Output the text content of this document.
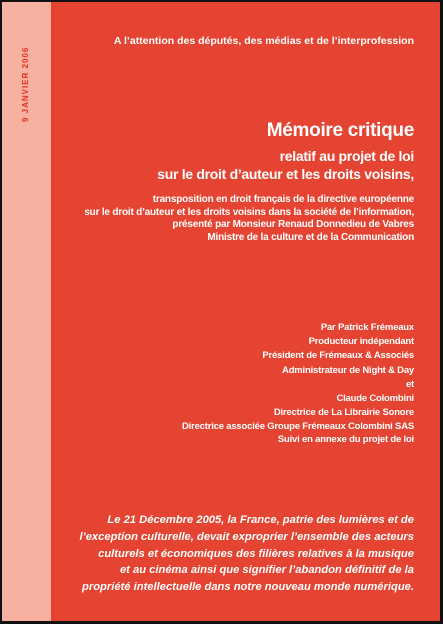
9 JANVIER 2006
A l’attention des députés, des médias et de l’interprofession
Mémoire critique
relatif au projet de loi
sur le droit d’auteur et les droits voisins,
transposition en droit français de la directive européenne
sur le droit d’auteur et les droits voisins dans la société de l’information,
présenté par Monsieur Renaud Donnedieu de Vabres
Ministre de la culture et de la Communication
Par Patrick Frémeaux
Producteur indépendant
Président de Frémeaux & Associés
Administrateur de Night & Day
et
Claude Colombini
Directrice de La Librairie Sonore
Directrice associée Groupe Frémeaux Colombini SAS
Suivi en annexe du projet de loi
Le 21 Décembre 2005, la France, patrie des lumières et de
l’exception culturelle, devait exproprier l’ensemble des acteurs
culturels et économiques des filières relatives à la musique
et au cinéma ainsi que signifier l’abandon définitif de la
propriété intellectuelle dans notre nouveau monde numérique.
